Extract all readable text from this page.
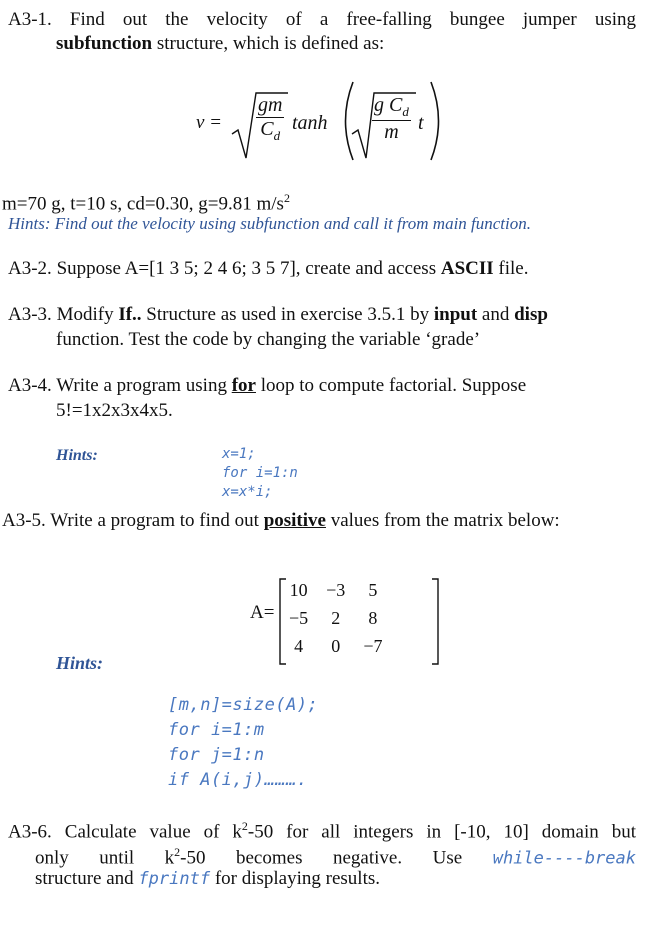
A3-1. Find out the velocity of a free-falling bungee jumper using
subfunction structure, which is defined as:
$v = \frac{gm}{C_d}$ $\tanh \frac{g C_d}{m}$ t
m=70 g, t=10 s, cd=0.30, g=9.81 $m/s^2$
Hints: Find out the velocity using subfunction and call it from main function.
A3-2. Suppose A=[1 3 5; 2 4 6; 3 5 7], create and access ASCII file.
A3-3. Modify If.. Structure as used in exercise 3.5.1 by input and disp
function. Test the code by changing the variable ‘grade’
A3-4. Write a program using for loop to compute factorial. Suppose
5!=1x2x3x4x5.
Hints:	x=1;
for i=1:n
x=x*i;
A3-5. Write a program to find out positive values from the matrix below:
A=
10	−3	5
−5	2	8
4	0	−7
Hints:
[m,n]=size(A);
for i=1:m
for j=1:n
if A(i,j)……….
A3-6. Calculate value of $k^2-50$ for all integers in [-10, 10] domain but
only until $k^2-50$ becomes negative. Use while----break
structure and fprintf for displaying results.
